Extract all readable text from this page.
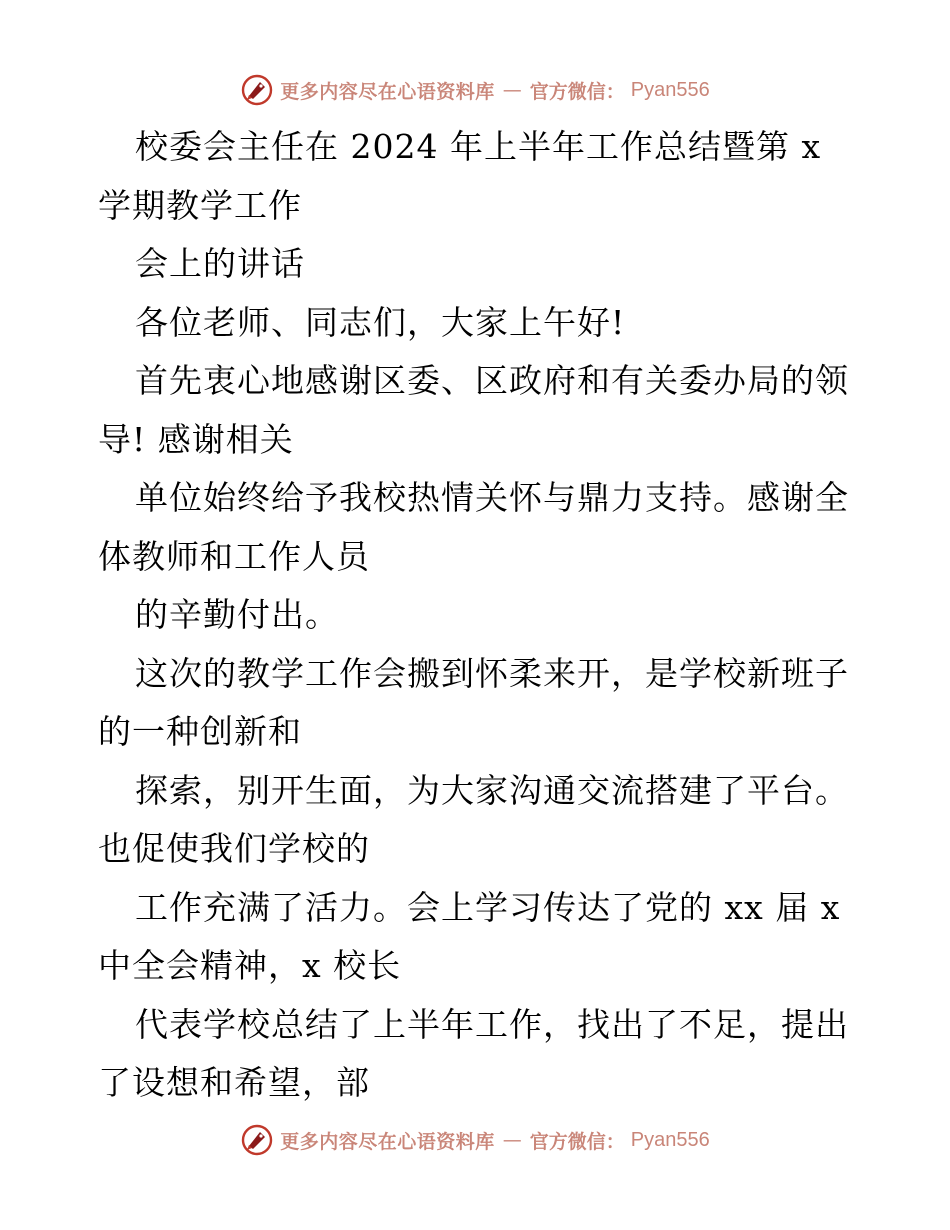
更多内容尽在心语资料库 — 官方微信： Pyan556
校委会主任在 2024 年上半年工作总结暨第 x
学期教学工作
会上的讲话
各位老师、同志们，大家上午好!
首先衷心地感谢区委、区政府和有关委办局的领
导! 感谢相关
单位始终给予我校热情关怀与鼎力支持。感谢全
体教师和工作人员
的辛勤付出。
这次的教学工作会搬到怀柔来开，是学校新班子
的一种创新和
探索，别开生面，为大家沟通交流搭建了平台。
也促使我们学校的
工作充满了活力。会上学习传达了党的 xx 届 x
中全会精神，x 校长
代表学校总结了上半年工作，找出了不足，提出
了设想和希望，部
更多内容尽在心语资料库 — 官方微信： Pyan556
